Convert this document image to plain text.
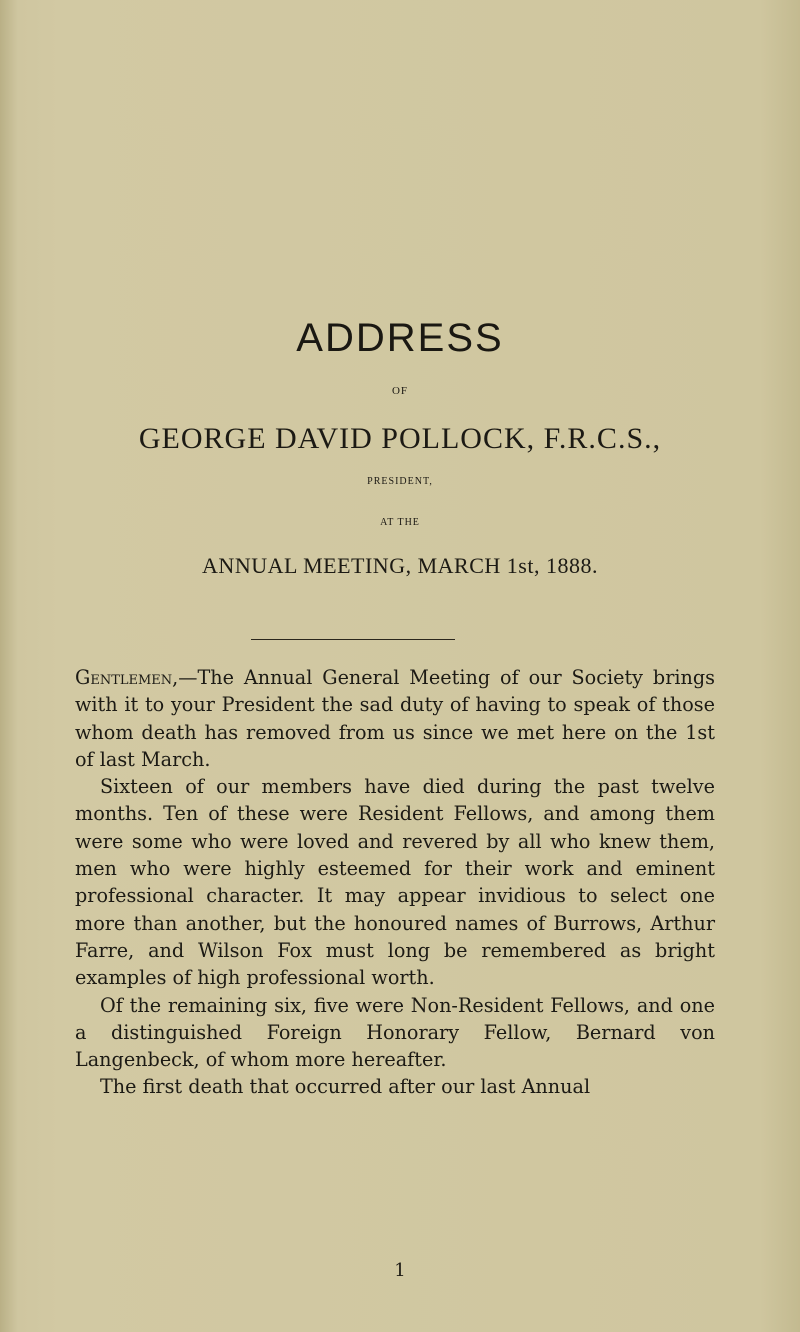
ADDRESS
OF
GEORGE DAVID POLLOCK, F.R.C.S.,
PRESIDENT,
AT THE
ANNUAL MEETING, MARCH 1st, 1888.

Gentlemen,—The Annual General Meeting of our Society brings with it to your President the sad duty of having to speak of those whom death has removed from us since we met here on the 1st of last March.

Sixteen of our members have died during the past twelve months. Ten of these were Resident Fellows, and among them were some who were loved and revered by all who knew them, men who were highly esteemed for their work and eminent professional character. It may appear invidious to select one more than another, but the honoured names of Burrows, Arthur Farre, and Wilson Fox must long be remembered as bright examples of high professional worth.

Of the remaining six, five were Non-Resident Fellows, and one a distinguished Foreign Honorary Fellow, Bernard von Langenbeck, of whom more hereafter.

The first death that occurred after our last Annual

1
